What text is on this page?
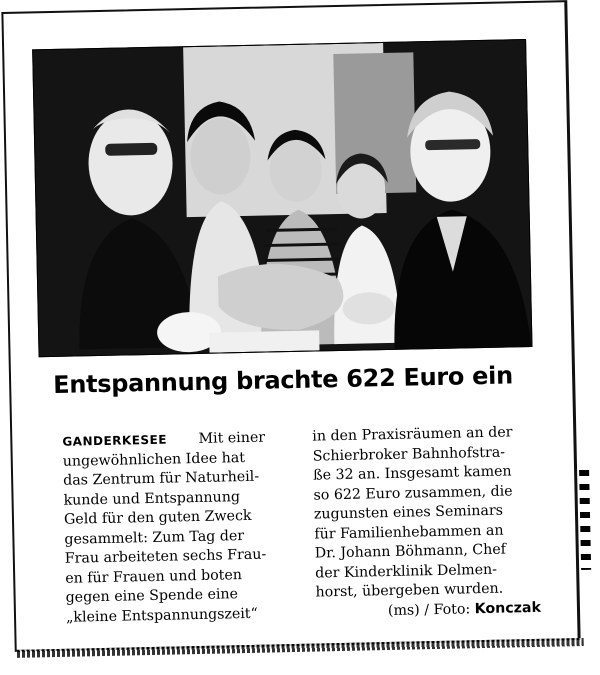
Entspannung brachte 622 Euro ein

GANDERKESEE Mit einer
ungewöhnlichen Idee hat
das Zentrum für Naturheil-
kunde und Entspannung
Geld für den guten Zweck
gesammelt: Zum Tag der
Frau arbeiteten sechs Frau-
en für Frauen und boten
gegen eine Spende eine
„kleine Entspannungszeit“

in den Praxisräumen an der
Schierbroker Bahnhofstra-
ße 32 an. Insgesamt kamen
so 622 Euro zusammen, die
zugunsten eines Seminars
für Familienhebammen an
Dr. Johann Böhmann, Chef
der Kinderklinik Delmen-
horst, übergeben wurden.
(ms) / Foto: Konczak
